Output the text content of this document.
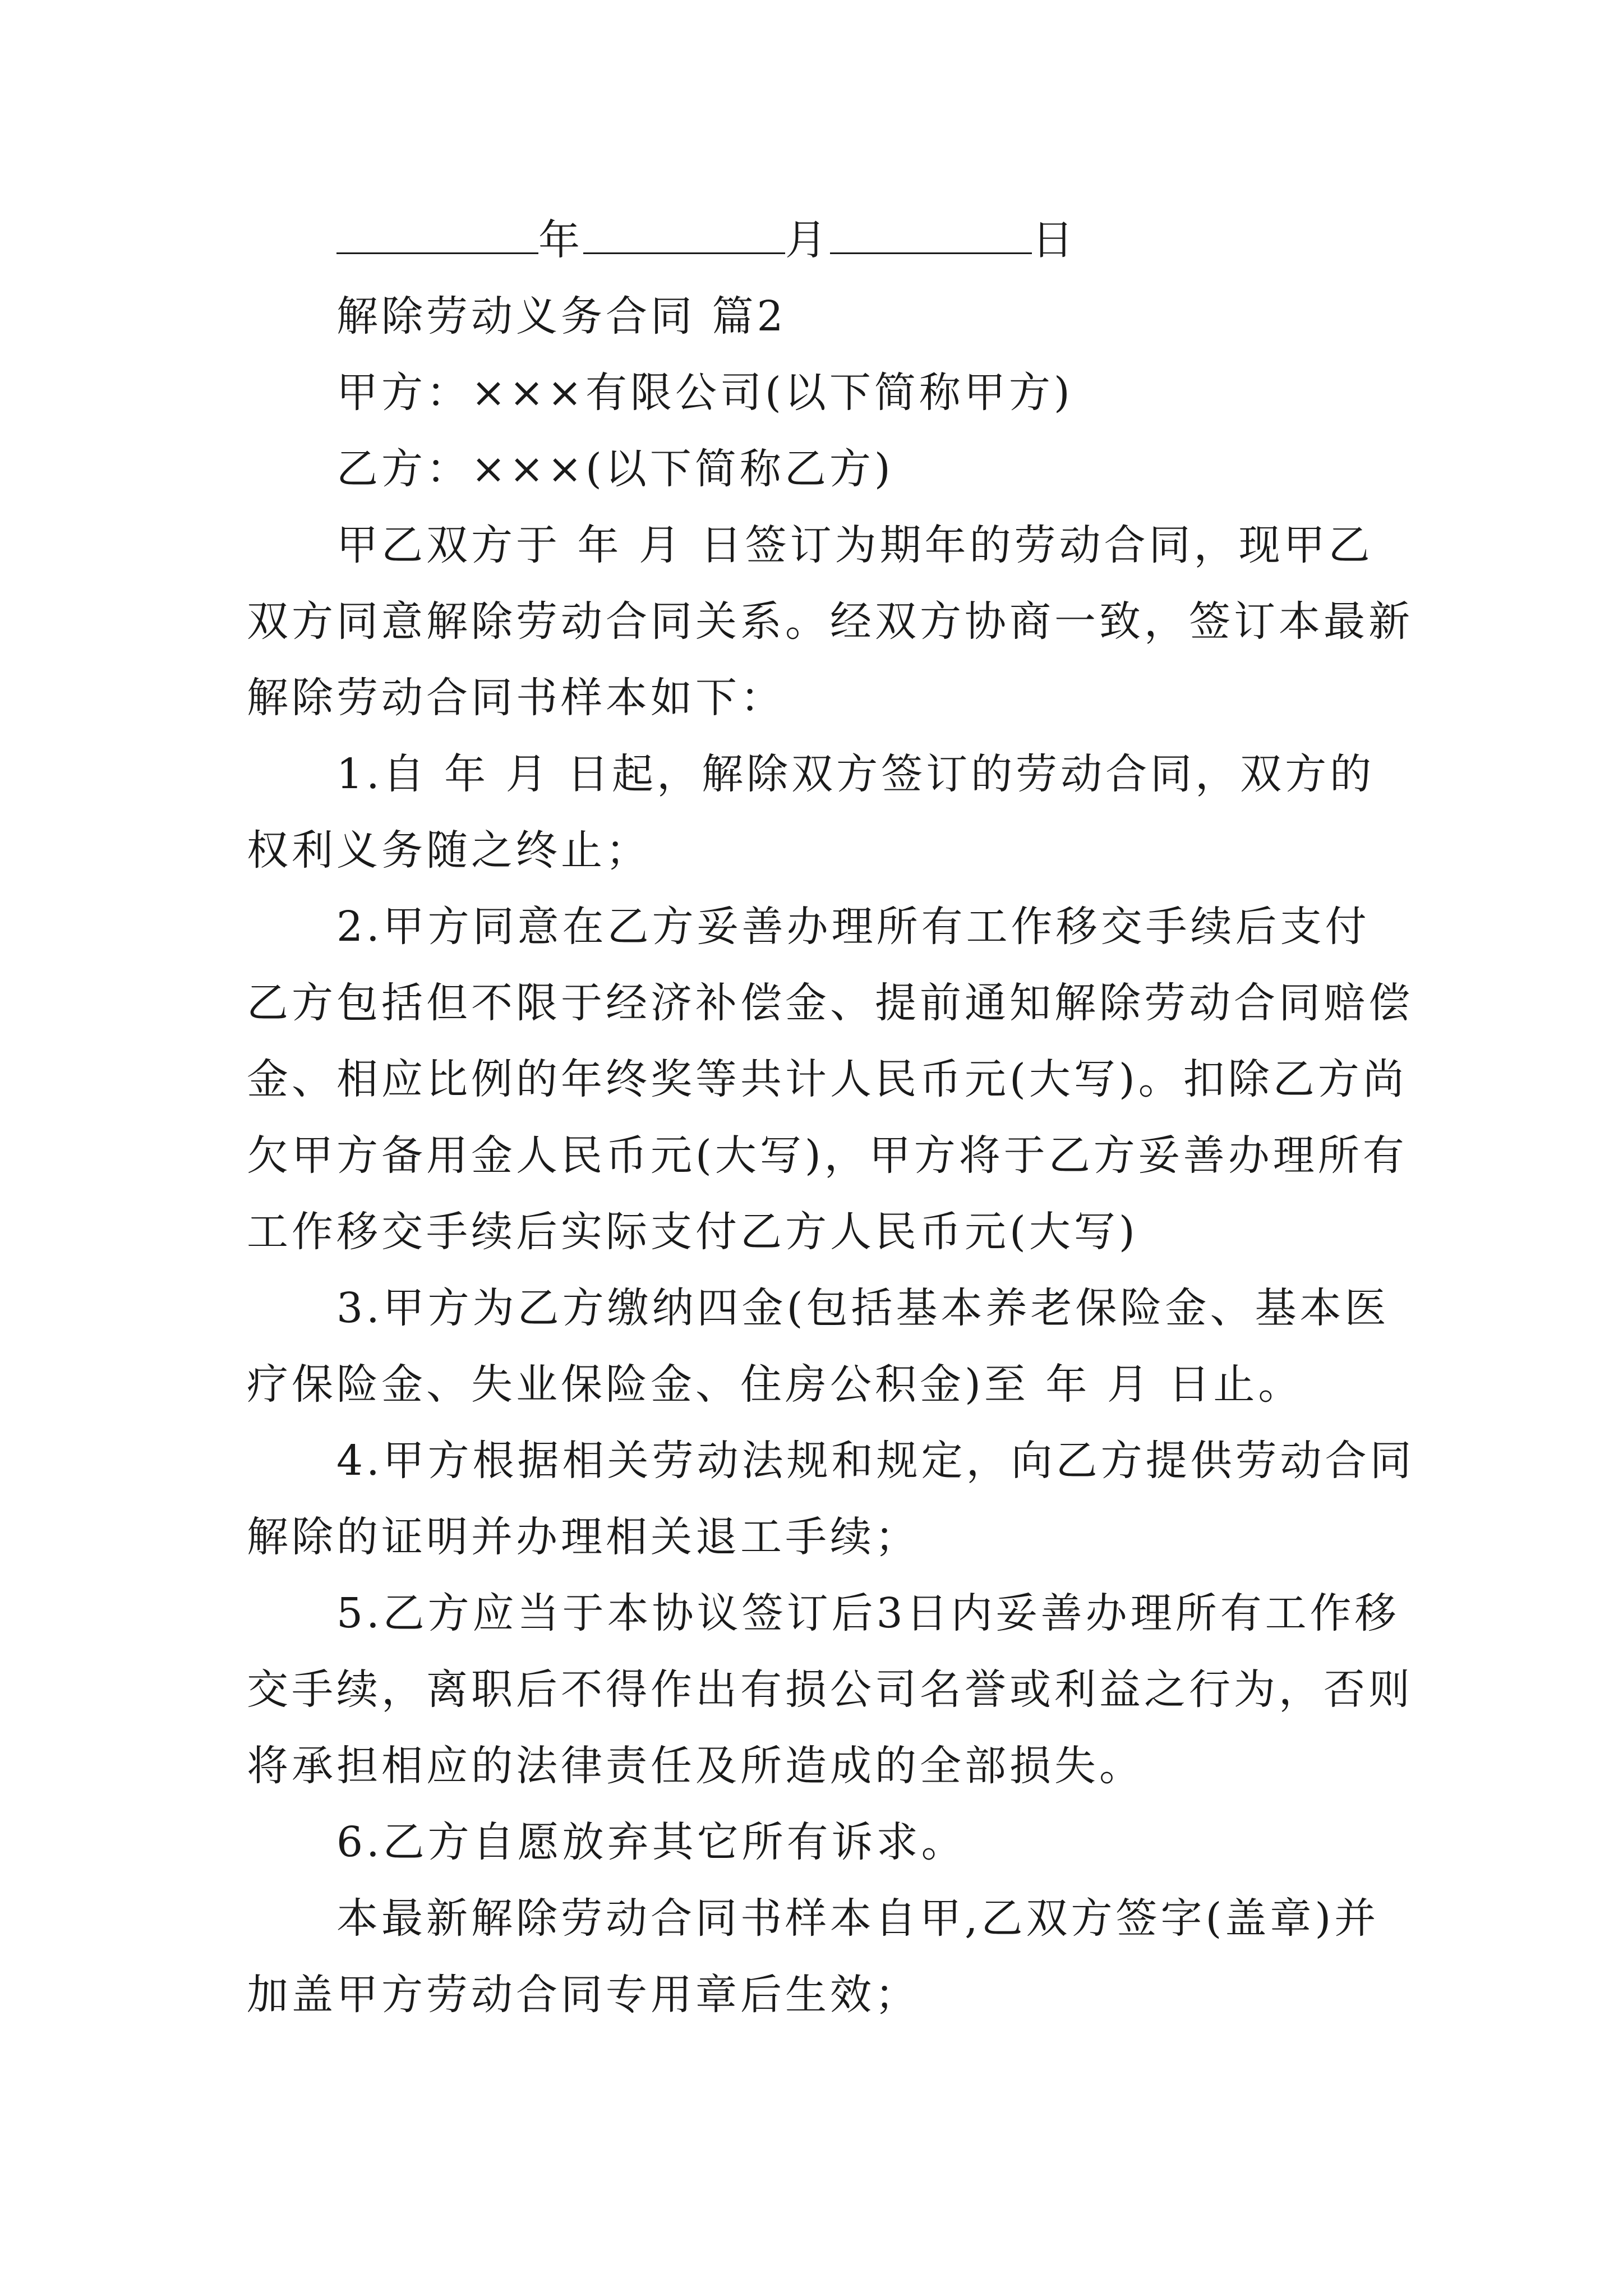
年	月	日
解除劳动义务合同 篇2
甲方：×××有限公司(以下简称甲方)
乙方：×××(以下简称乙方)
甲乙双方于 年 月 日签订为期年的劳动合同，现甲乙
双方同意解除劳动合同关系。经双方协商一致，签订本最新
解除劳动合同书样本如下：
1.自 年 月 日起，解除双方签订的劳动合同，双方的
权利义务随之终止；
2.甲方同意在乙方妥善办理所有工作移交手续后支付
乙方包括但不限于经济补偿金、提前通知解除劳动合同赔偿
金、相应比例的年终奖等共计人民币元(大写)。扣除乙方尚
欠甲方备用金人民币元(大写)，甲方将于乙方妥善办理所有
工作移交手续后实际支付乙方人民币元(大写)
3.甲方为乙方缴纳四金(包括基本养老保险金、基本医
疗保险金、失业保险金、住房公积金)至 年 月 日止。
4.甲方根据相关劳动法规和规定，向乙方提供劳动合同
解除的证明并办理相关退工手续；
5.乙方应当于本协议签订后3日内妥善办理所有工作移
交手续，离职后不得作出有损公司名誉或利益之行为，否则
将承担相应的法律责任及所造成的全部损失。
6.乙方自愿放弃其它所有诉求。
本最新解除劳动合同书样本自甲,乙双方签字(盖章)并
加盖甲方劳动合同专用章后生效；
